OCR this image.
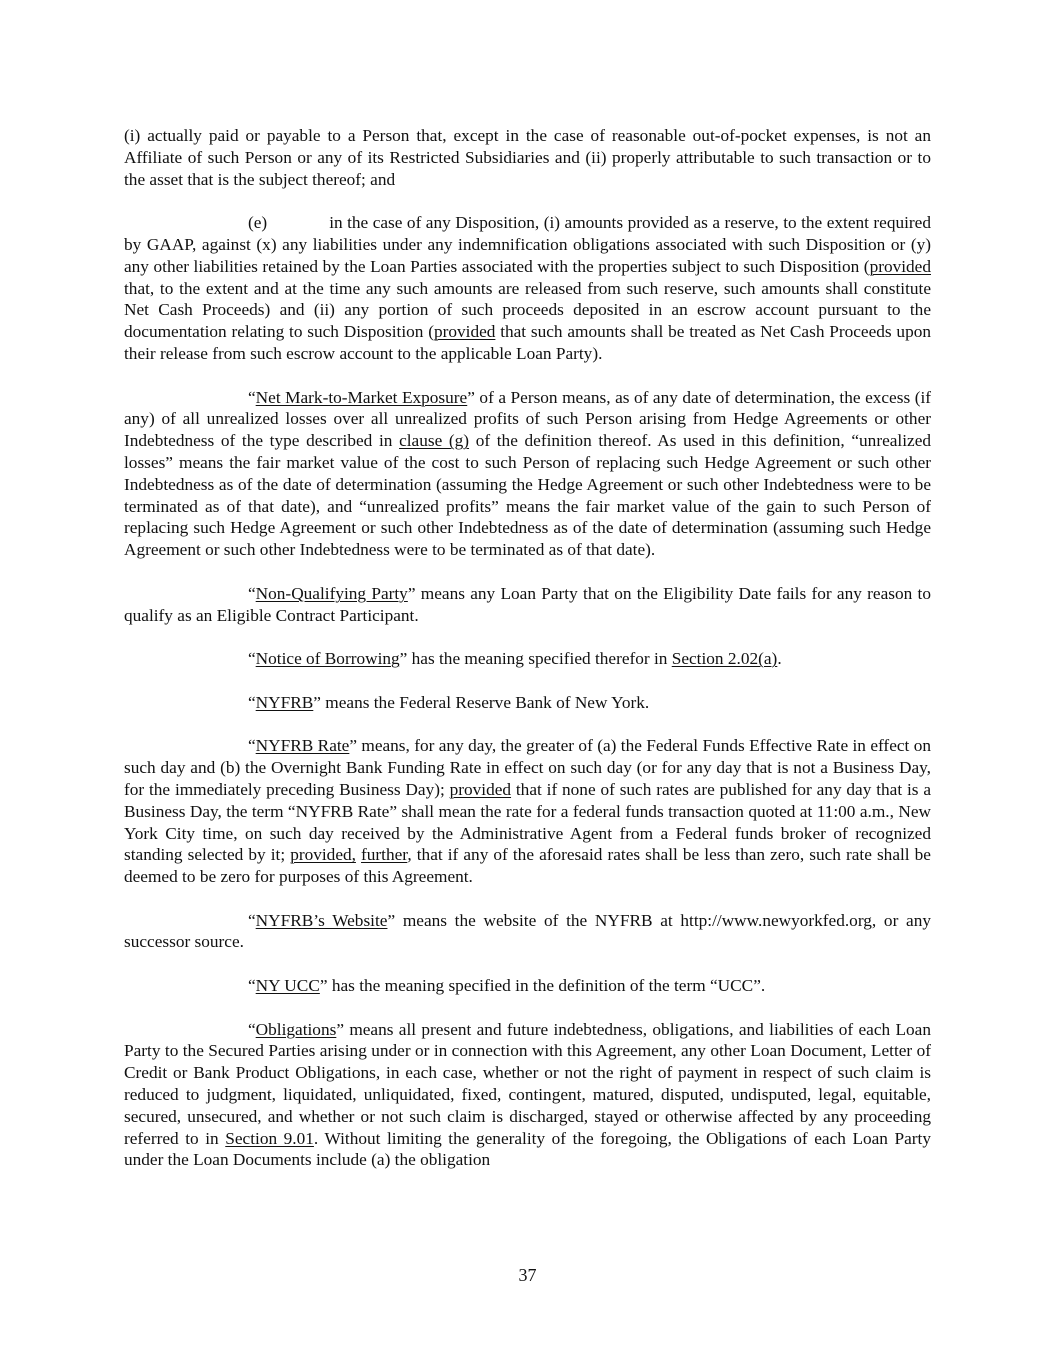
(i) actually paid or payable to a Person that, except in the case of reasonable out-of-pocket expenses, is not an Affiliate of such Person or any of its Restricted Subsidiaries and (ii) properly attributable to such transaction or to the asset that is the subject thereof; and

(e)	in the case of any Disposition, (i) amounts provided as a reserve, to the extent required by GAAP, against (x) any liabilities under any indemnification obligations associated with such Disposition or (y) any other liabilities retained by the Loan Parties associated with the properties subject to such Disposition (provided that, to the extent and at the time any such amounts are released from such reserve, such amounts shall constitute Net Cash Proceeds) and (ii) any portion of such proceeds deposited in an escrow account pursuant to the documentation relating to such Disposition (provided that such amounts shall be treated as Net Cash Proceeds upon their release from such escrow account to the applicable Loan Party).

“Net Mark-to-Market Exposure” of a Person means, as of any date of determination, the excess (if any) of all unrealized losses over all unrealized profits of such Person arising from Hedge Agreements or other Indebtedness of the type described in clause (g) of the definition thereof. As used in this definition, “unrealized losses” means the fair market value of the cost to such Person of replacing such Hedge Agreement or such other Indebtedness as of the date of determination (assuming the Hedge Agreement or such other Indebtedness were to be terminated as of that date), and “unrealized profits” means the fair market value of the gain to such Person of replacing such Hedge Agreement or such other Indebtedness as of the date of determination (assuming such Hedge Agreement or such other Indebtedness were to be terminated as of that date).

“Non-Qualifying Party” means any Loan Party that on the Eligibility Date fails for any reason to qualify as an Eligible Contract Participant.

“Notice of Borrowing” has the meaning specified therefor in Section 2.02(a).

“NYFRB” means the Federal Reserve Bank of New York.

“NYFRB Rate” means, for any day, the greater of (a) the Federal Funds Effective Rate in effect on such day and (b) the Overnight Bank Funding Rate in effect on such day (or for any day that is not a Business Day, for the immediately preceding Business Day); provided that if none of such rates are published for any day that is a Business Day, the term “NYFRB Rate” shall mean the rate for a federal funds transaction quoted at 11:00 a.m., New York City time, on such day received by the Administrative Agent from a Federal funds broker of recognized standing selected by it; provided, further, that if any of the aforesaid rates shall be less than zero, such rate shall be deemed to be zero for purposes of this Agreement.

“NYFRB’s Website” means the website of the NYFRB at http://www.newyorkfed.org, or any successor source.

“NY UCC” has the meaning specified in the definition of the term “UCC”.

“Obligations” means all present and future indebtedness, obligations, and liabilities of each Loan Party to the Secured Parties arising under or in connection with this Agreement, any other Loan Document, Letter of Credit or Bank Product Obligations, in each case, whether or not the right of payment in respect of such claim is reduced to judgment, liquidated, unliquidated, fixed, contingent, matured, disputed, undisputed, legal, equitable, secured, unsecured, and whether or not such claim is discharged, stayed or otherwise affected by any proceeding referred to in Section 9.01. Without limiting the generality of the foregoing, the Obligations of each Loan Party under the Loan Documents include (a) the obligation

37
